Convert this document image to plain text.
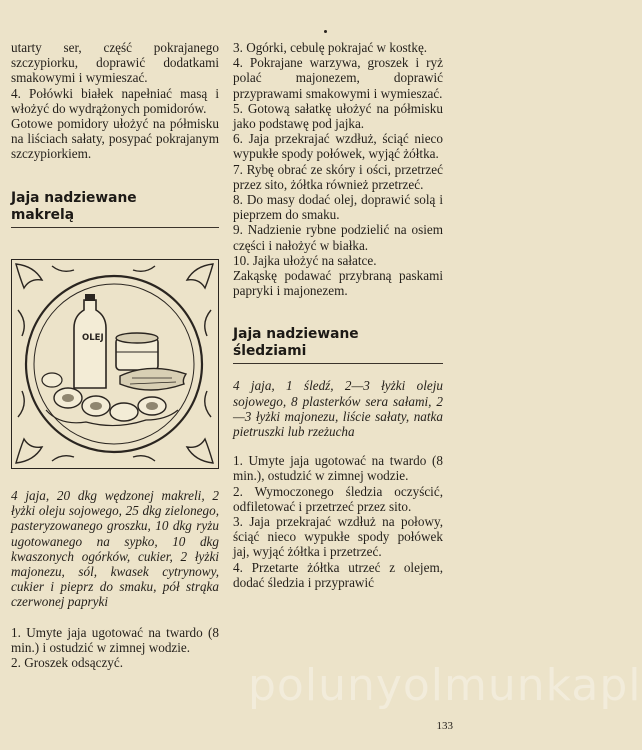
utarty ser, część pokrajanego szczypiorku, doprawić dodatkami smakowymi i wymieszać.

4. Połówki białek napełniać masą i włożyć do wydrążonych pomidorów.

Gotowe pomidory ułożyć na półmisku na liściach sałaty, posypać pokrajanym szczypiorkiem.

Jaja nadziewane
makrelą
OLEJ

4 jaja, 20 dkg wędzonej makreli, 2 łyżki oleju sojowego, 25 dkg zielonego, pasteryzowanego groszku, 10 dkg ryżu ugotowanego na sypko, 10 dkg kwaszonych ogórków, cukier, 2 łyżki majonezu, sól, kwasek cytrynowy, cukier i pieprz do smaku, pół strąka czerwonej papryki

1. Umyte jaja ugotować na twardo (8 min.) i ostudzić w zimnej wodzie.

2. Groszek odsączyć.

3. Ogórki, cebulę pokrajać w kostkę.

4. Pokrajane warzywa, groszek i ryż polać majonezem, doprawić przyprawami smakowymi i wymieszać.

5. Gotową sałatkę ułożyć na półmisku jako podstawę pod jajka.

6. Jaja przekrajać wzdłuż, ściąć nieco wypukłe spody połówek, wyjąć żółtka.

7. Rybę obrać ze skóry i ości, przetrzeć przez sito, żółtka również przetrzeć.

8. Do masy dodać olej, doprawić solą i pieprzem do smaku.

9. Nadzienie rybne podzielić na osiem części i nałożyć w białka.

10. Jajka ułożyć na sałatce.

Zakąskę podawać przybraną paskami papryki i majonezem.

Jaja nadziewane
śledziami

4 jaja, 1 śledź, 2—3 łyżki oleju sojowego, 8 plasterków sera sałami, 2—3 łyżki majonezu, liście sałaty, natka pietruszki lub rzeżucha

1. Umyte jaja ugotować na twardo (8 min.), ostudzić w zimnej wodzie.

2. Wymoczonego śledzia oczyścić, odfiletować i przetrzeć przez sito.

3. Jaja przekrajać wzdłuż na połowy, ściąć nieco wypukłe spody połówek jaj, wyjąć żółtka i przetrzeć.

4. Przetarte żółtka utrzeć z olejem, dodać śledzia i przyprawić

polunyolmunkapl
133
